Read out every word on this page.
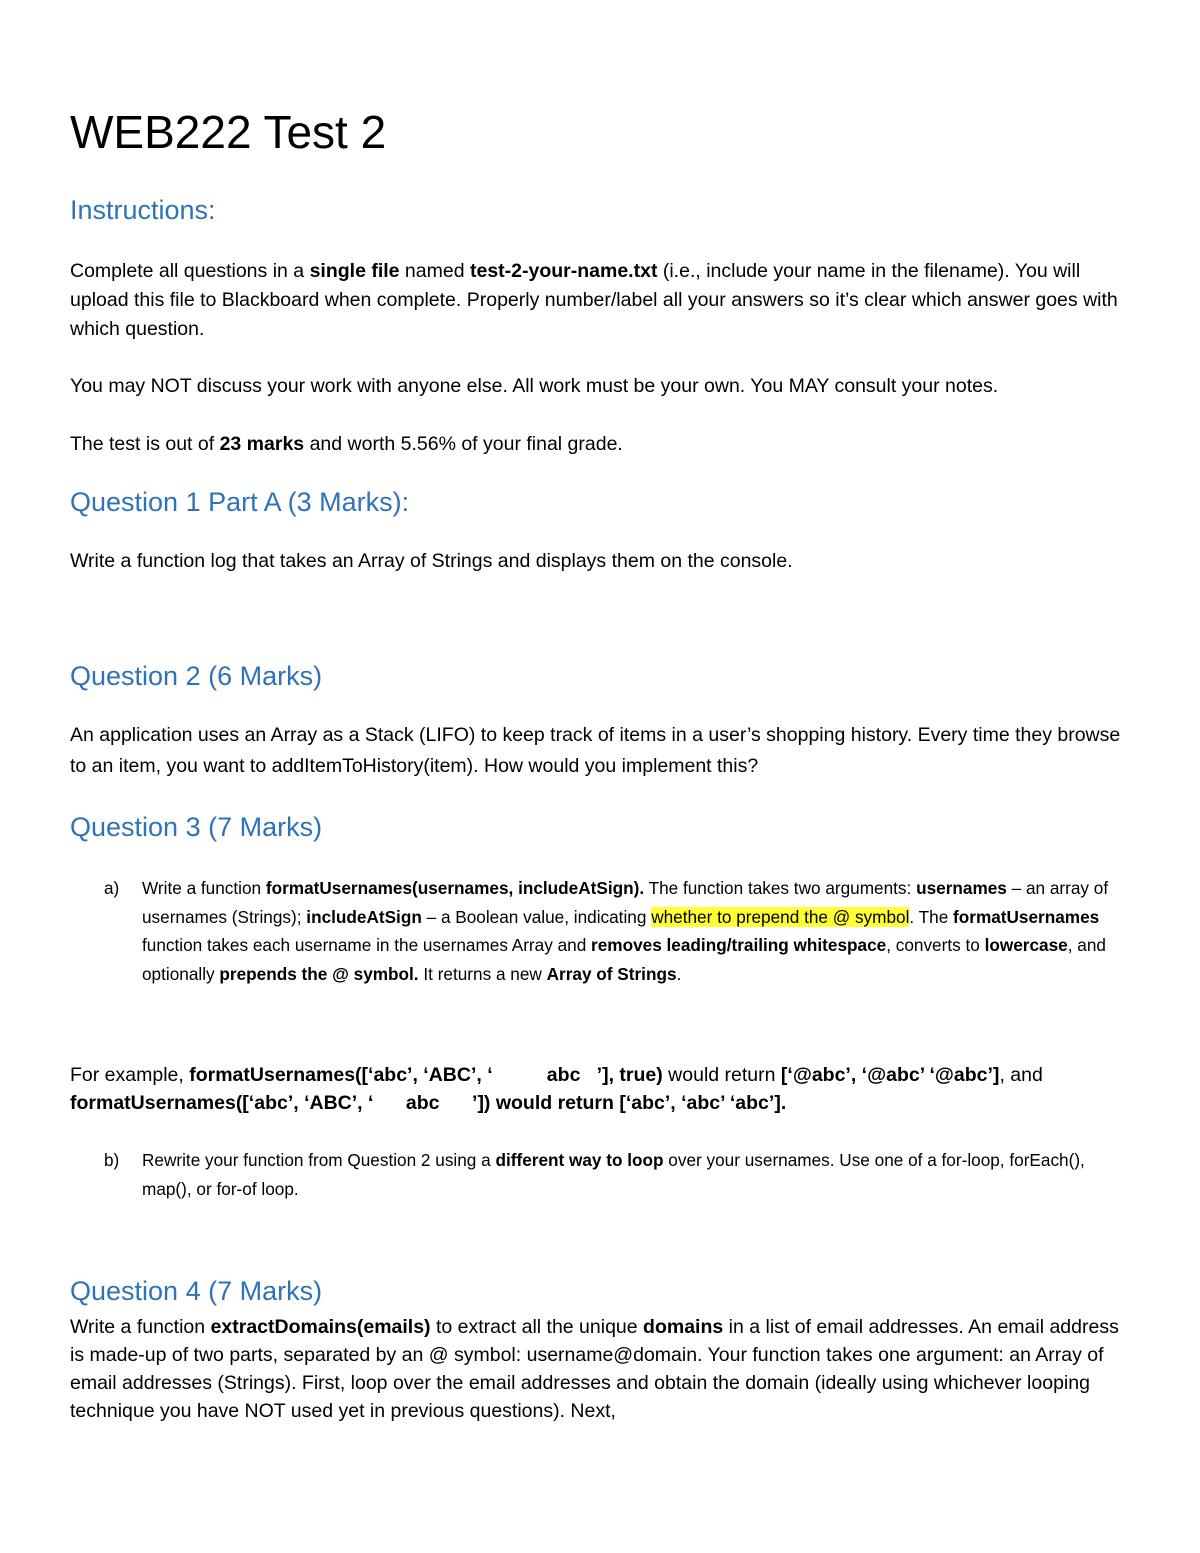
WEB222 Test 2
Instructions:

Complete all questions in a single file named test-2-your-name.txt (i.e., include your name in the filename). You will upload this file to Blackboard when complete. Properly number/label all your answers so it’s clear which answer goes with which question.

You may NOT discuss your work with anyone else. All work must be your own. You MAY consult your notes.

The test is out of 23 marks and worth 5.56% of your final grade.

Question 1 Part A (3 Marks):

Write a function log that takes an Array of Strings and displays them on the console.

Question 2 (6 Marks)

An application uses an Array as a Stack (LIFO) to keep track of items in a user’s shopping history. Every time they browse to an item, you want to addItemToHistory(item). How would you implement this?

Question 3 (7 Marks)
a) Write a function formatUsernames(usernames, includeAtSign). The function takes two arguments: usernames – an array of usernames (Strings); includeAtSign – a Boolean value, indicating whether to prepend the @ symbol. The formatUsernames function takes each username in the usernames Array and removes leading/trailing whitespace, converts to lowercase, and optionally prepends the @ symbol. It returns a new Array of Strings.

For example, formatUsernames([‘abc’, ‘ABC’, ‘          abc   ’], true) would return [‘@abc’, ‘@abc’ ‘@abc’], and formatUsernames([‘abc’, ‘ABC’, ‘      abc      ’]) would return [‘abc’, ‘abc’ ‘abc’].

b) Rewrite your function from Question 2 using a different way to loop over your usernames. Use one of a for-loop, forEach(), map(), or for-of loop.
Question 4 (7 Marks)

Write a function extractDomains(emails) to extract all the unique domains in a list of email addresses. An email address is made-up of two parts, separated by an @ symbol: username@domain. Your function takes one argument: an Array of email addresses (Strings). First, loop over the email addresses and obtain the domain (ideally using whichever looping technique you have NOT used yet in previous questions). Next,
